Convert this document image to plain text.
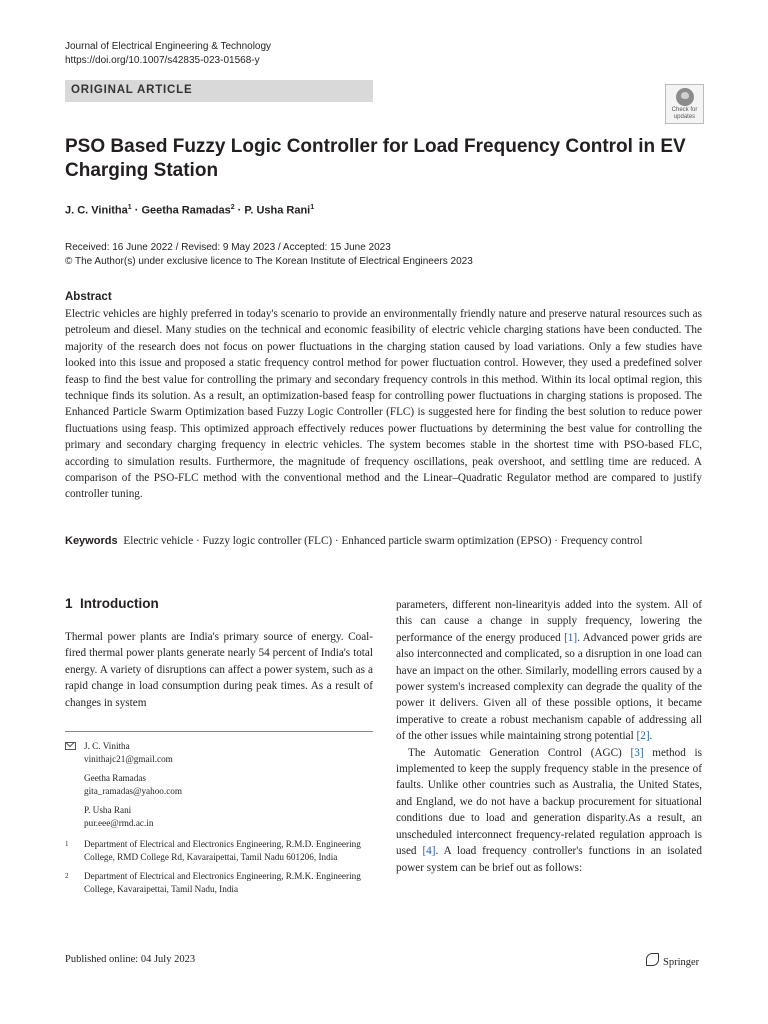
Journal of Electrical Engineering & Technology
https://doi.org/10.1007/s42835-023-01568-y
ORIGINAL ARTICLE
Check for
updates
PSO Based Fuzzy Logic Controller for Load Frequency Control in EV Charging Station
J. C. Vinitha$^1$ · Geetha Ramadas$^2$ · P. Usha Rani$^1$
Received: 16 June 2022 / Revised: 9 May 2023 / Accepted: 15 June 2023
© The Author(s) under exclusive licence to The Korean Institute of Electrical Engineers 2023
Abstract
Electric vehicles are highly preferred in today's scenario to provide an environmentally friendly nature and preserve natural resources such as petroleum and diesel. Many studies on the technical and economic feasibility of electric vehicle charging stations have been conducted. The majority of the research does not focus on power fluctuations in the charging station caused by load variations. Only a few studies have looked into this issue and proposed a static frequency control method for power fluctuation control. However, they used a predefined solver feasp to find the best value for controlling the primary and secondary frequency controls in this method. Within its local optimal region, this technique finds its solution. As a result, an optimization-based feasp for controlling power fluctuations in charging stations is proposed. The Enhanced Particle Swarm Optimization based Fuzzy Logic Controller (FLC) is suggested here for finding the best solution to reduce power fluctuations using feasp. This optimized approach effectively reduces power fluctuations by determining the best value for controlling the primary and secondary charging frequency in electric vehicles. The system becomes stable in the shortest time with PSO-based FLC, according to simulation results. Furthermore, the magnitude of frequency oscillations, peak overshoot, and settling time are reduced. A comparison of the PSO-FLC method with the conventional method and the Linear–Quadratic Regulator method are compared to justify controller tuning.
Keywords Electric vehicle · Fuzzy logic controller (FLC) · Enhanced particle swarm optimization (EPSO) · Frequency control
1 Introduction

Thermal power plants are India's primary source of energy. Coal-fired thermal power plants generate nearly 54 percent of India's total energy. A variety of disruptions can affect a power system, such as a rapid change in load consumption during peak times. As a result of changes in system

parameters, different non-linearityis added into the system. All of this can cause a change in supply frequency, lowering the performance of the energy produced [1]. Advanced power grids are also interconnected and complicated, so a disruption in one load can have an impact on the other. Similarly, modelling errors caused by a power system's increased complexity can degrade the quality of the power it delivers. Given all of these possible options, it became imperative to create a robust mechanism capable of addressing all of the other issues while maintaining strong potential [2].

The Automatic Generation Control (AGC) [3] method is implemented to keep the supply frequency stable in the presence of faults. Unlike other countries such as Australia, the United States, and England, we do not have a backup procurement for situational conditions due to load and generation disparity.As a result, an unscheduled interconnect frequency-related regulation approach is used [4]. A load frequency controller's functions in an isolated power system can be brief out as follows:

J. C. Vinitha
vinithajc21@gmail.com
Geetha Ramadas
gita_ramadas@yahoo.com
P. Usha Rani
pur.eee@rmd.ac.in
1 Department of Electrical and Electronics Engineering, R.M.D. Engineering College, RMD College Rd, Kavaraipettai, Tamil Nadu 601206, India
2 Department of Electrical and Electronics Engineering, R.M.K. Engineering College, Kavaraipettai, Tamil Nadu, India
Published online: 04 July 2023	Springer
